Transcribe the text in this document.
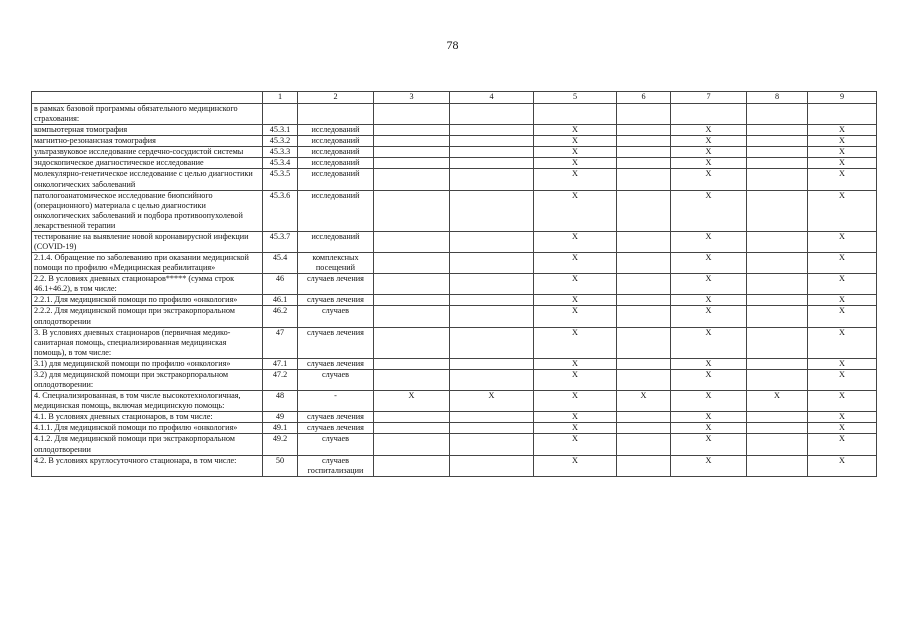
78
	1	2	3	4	5	6	7	8	9
в рамках базовой программы обязательного медицинского страхования:									
компьютерная томография	45.3.1	исследований			X		X		X
магнитно-резонансная томография	45.3.2	исследований			X		X		X
ультразвуковое исследование сердечно-сосудистой системы	45.3.3	исследований			X		X		X
эндоскопическое диагностическое исследование	45.3.4	исследований			X		X		X
молекулярно-генетическое исследование с целью диагностики онкологических заболеваний	45.3.5	исследований			X		X		X
патологоанатомическое исследование биопсийного (операционного) материала с целью диагностики онкологических заболеваний и подбора противоопухолевой лекарственной терапии	45.3.6	исследований			X		X		X
тестирование на выявление новой коронавирусной инфекции (COVID-19)	45.3.7	исследований			X		X		X
2.1.4. Обращение по заболеванию при оказании медицинской помощи по профилю «Медицинская реабилитация»	45.4	комплексных посещений			X		X		X
2.2. В условиях дневных стационаров***** (сумма строк 46.1+46.2), в том числе:	46	случаев лечения			X		X		X
2.2.1. Для медицинской помощи по профилю «онкология»	46.1	случаев лечения			X		X		X
2.2.2. Для медицинской помощи при экстракорпоральном оплодотворении	46.2	случаев			X		X		X
3. В условиях дневных стационаров (первичная медико-санитарная помощь, специализированная медицинская помощь), в том числе:	47	случаев лечения			X		X		X
3.1) для медицинской помощи по профилю «онкология»	47.1	случаев лечения			X		X		X
3.2) для медицинской помощи при экстракорпоральном оплодотворении:	47.2	случаев			X		X		X
4. Специализированная, в том числе высокотехнологичная, медицинская помощь, включая медицинскую помощь:	48	-	X	X	X	X	X	X	X
4.1. В условиях дневных стационаров, в том числе:	49	случаев лечения			X		X		X
4.1.1. Для медицинской помощи по профилю «онкология»	49.1	случаев лечения			X		X		X
4.1.2. Для медицинской помощи при экстракорпоральном оплодотворении	49.2	случаев			X		X		X
4.2. В условиях круглосуточного стационара, в том числе:	50	случаев госпитализации			X		X		X
